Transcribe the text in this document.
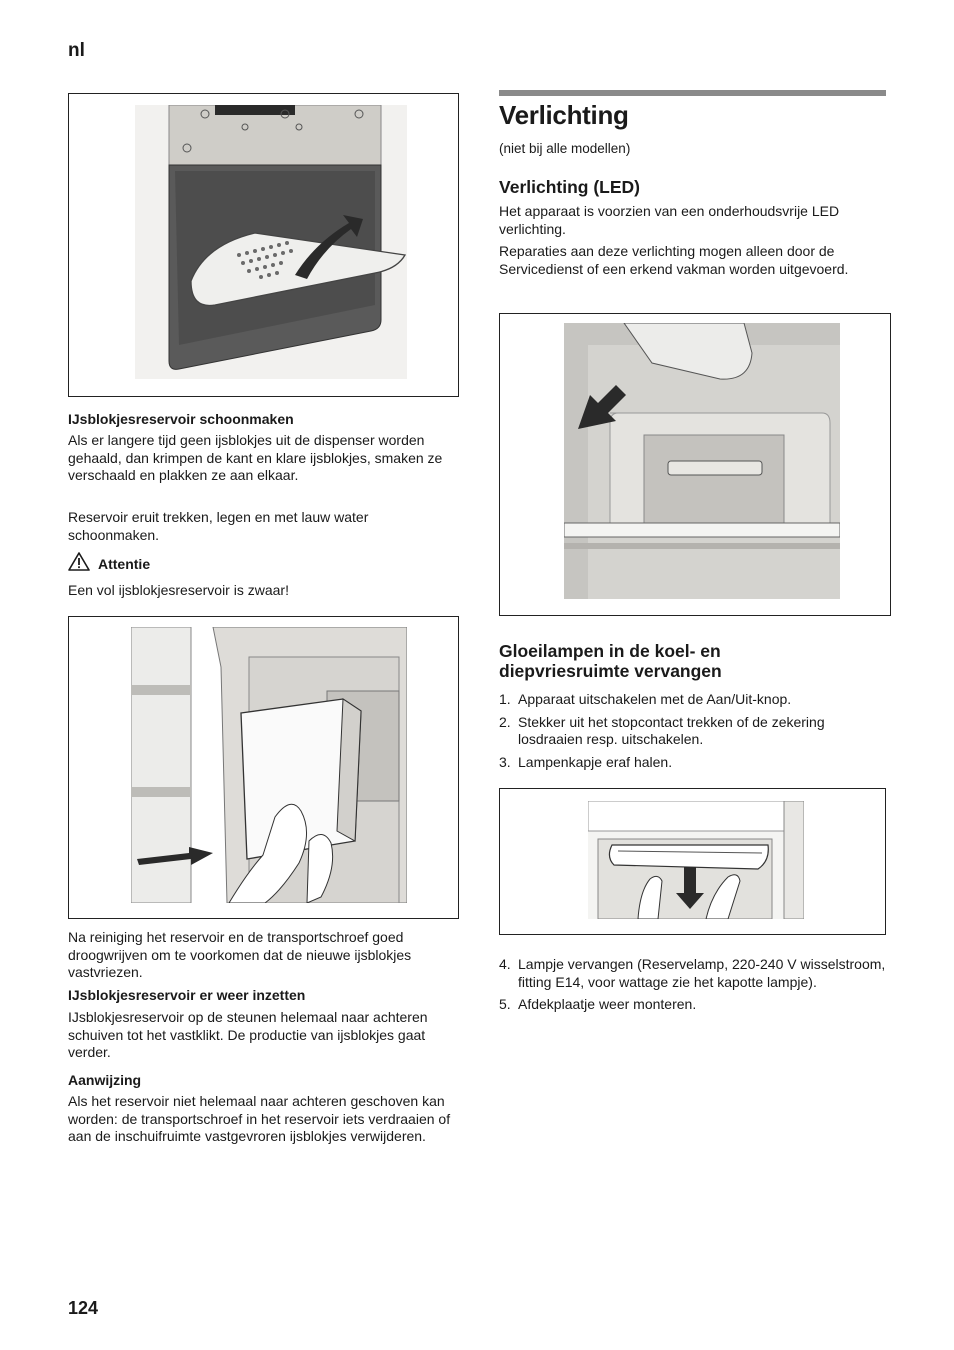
nl
124
IJsblokjesreservoir schoonmaken
Als er langere tijd geen ijsblokjes uit de dispenser worden gehaald, dan krimpen de kant en klare ijsblokjes, smaken ze verschaald en plakken ze aan elkaar.
Reservoir eruit trekken, legen en met lauw water schoonmaken.
Attentie
Een vol ijsblokjesreservoir is zwaar!
Na reiniging het reservoir en de transportschroef goed droogwrijven om te voorkomen dat de nieuwe ijsblokjes vastvriezen.
IJsblokjesreservoir er weer inzetten
IJsblokjesreservoir op de steunen helemaal naar achteren schuiven tot het vastklikt. De productie van ijsblokjes gaat verder.
Aanwijzing
Als het reservoir niet helemaal naar achteren geschoven kan worden: de transportschroef in het reservoir iets verdraaien of aan de inschuifruimte vastgevroren ijsblokjes verwijderen.
Verlichting
(niet bij alle modellen)
Verlichting (LED)
Het apparaat is voorzien van een onderhoudsvrije LED verlichting.
Reparaties aan deze verlichting mogen alleen door de Servicedienst of een erkend vakman worden uitgevoerd.
Gloeilampen in de koel- en diepvriesruimte vervangen
1. Apparaat uitschakelen met de Aan/Uit-knop.
2. Stekker uit het stopcontact trekken of de zekering losdraaien resp. uitschakelen.
3. Lampenkapje eraf halen.
4. Lampje vervangen (Reservelamp, 220-240 V wisselstroom, fitting E14, voor wattage zie het kapotte lampje).
5. Afdekplaatje weer monteren.
